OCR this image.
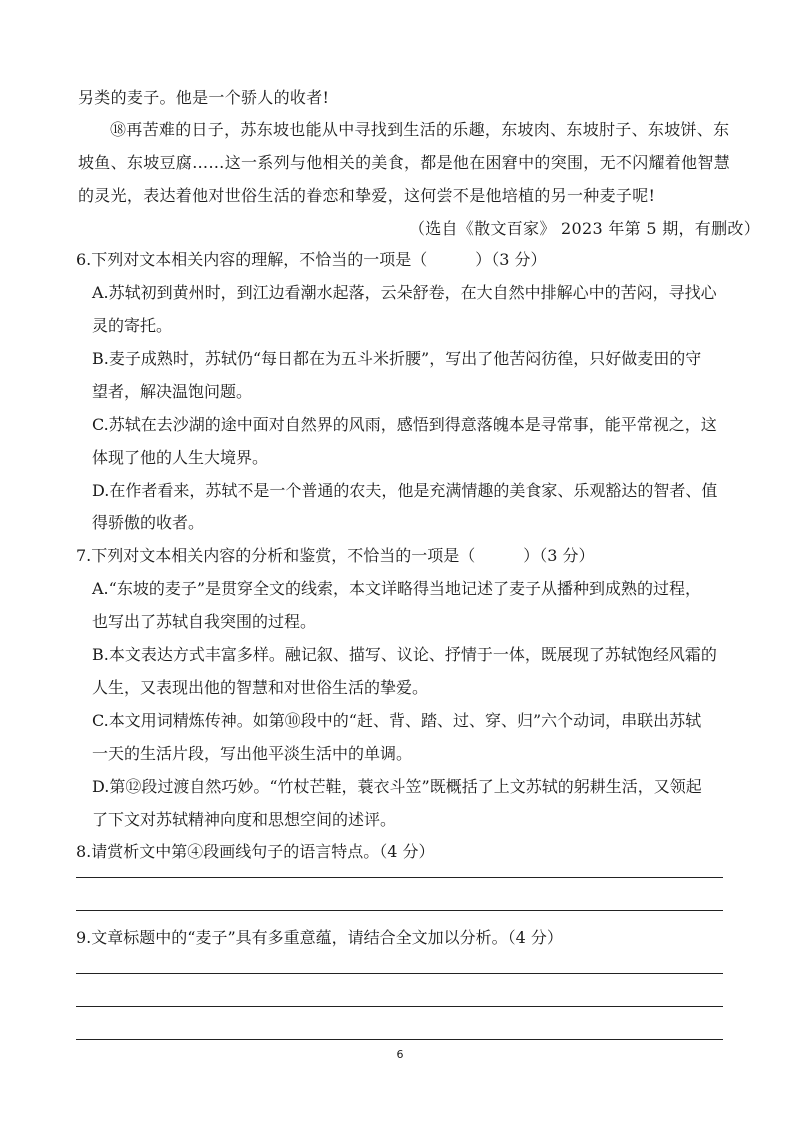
另类的麦子。他是一个骄人的收者!
⑱再苦难的日子，苏东坡也能从中寻找到生活的乐趣，东坡肉、东坡肘子、东坡饼、东
坡鱼、东坡豆腐……这一系列与他相关的美食，都是他在困窘中的突围，无不闪耀着他智慧
的灵光，表达着他对世俗生活的眷恋和挚爱，这何尝不是他培植的另一种麦子呢!
（选自《散文百家》 2023 年第 5 期，有删改）
6.下列对文本相关内容的理解，不恰当的一项是（　　　）（3 分）
A.苏轼初到黄州时，到江边看潮水起落，云朵舒卷，在大自然中排解心中的苦闷，寻找心
灵的寄托。
B.麦子成熟时，苏轼仍“每日都在为五斗米折腰”，写出了他苦闷彷徨，只好做麦田的守
望者，解决温饱问题。
C.苏轼在去沙湖的途中面对自然界的风雨，感悟到得意落魄本是寻常事，能平常视之，这
体现了他的人生大境界。
D.在作者看来，苏轼不是一个普通的农夫，他是充满情趣的美食家、乐观豁达的智者、值
得骄傲的收者。
7.下列对文本相关内容的分析和鉴赏，不恰当的一项是（　　　）（3 分）
A.“东坡的麦子”是贯穿全文的线索，本文详略得当地记述了麦子从播种到成熟的过程，
也写出了苏轼自我突围的过程。
B.本文表达方式丰富多样。融记叙、描写、议论、抒情于一体，既展现了苏轼饱经风霜的
人生，又表现出他的智慧和对世俗生活的挚爱。
C.本文用词精炼传神。如第⑩段中的“赶、背、踏、过、穿、归”六个动词，串联出苏轼
一天的生活片段，写出他平淡生活中的单调。
D.第⑫段过渡自然巧妙。“竹杖芒鞋，蓑衣斗笠”既概括了上文苏轼的躬耕生活，又领起
了下文对苏轼精神向度和思想空间的述评。
8.请赏析文中第④段画线句子的语言特点。（4 分）
9.文章标题中的“麦子”具有多重意蕴，请结合全文加以分析。（4 分）
6
